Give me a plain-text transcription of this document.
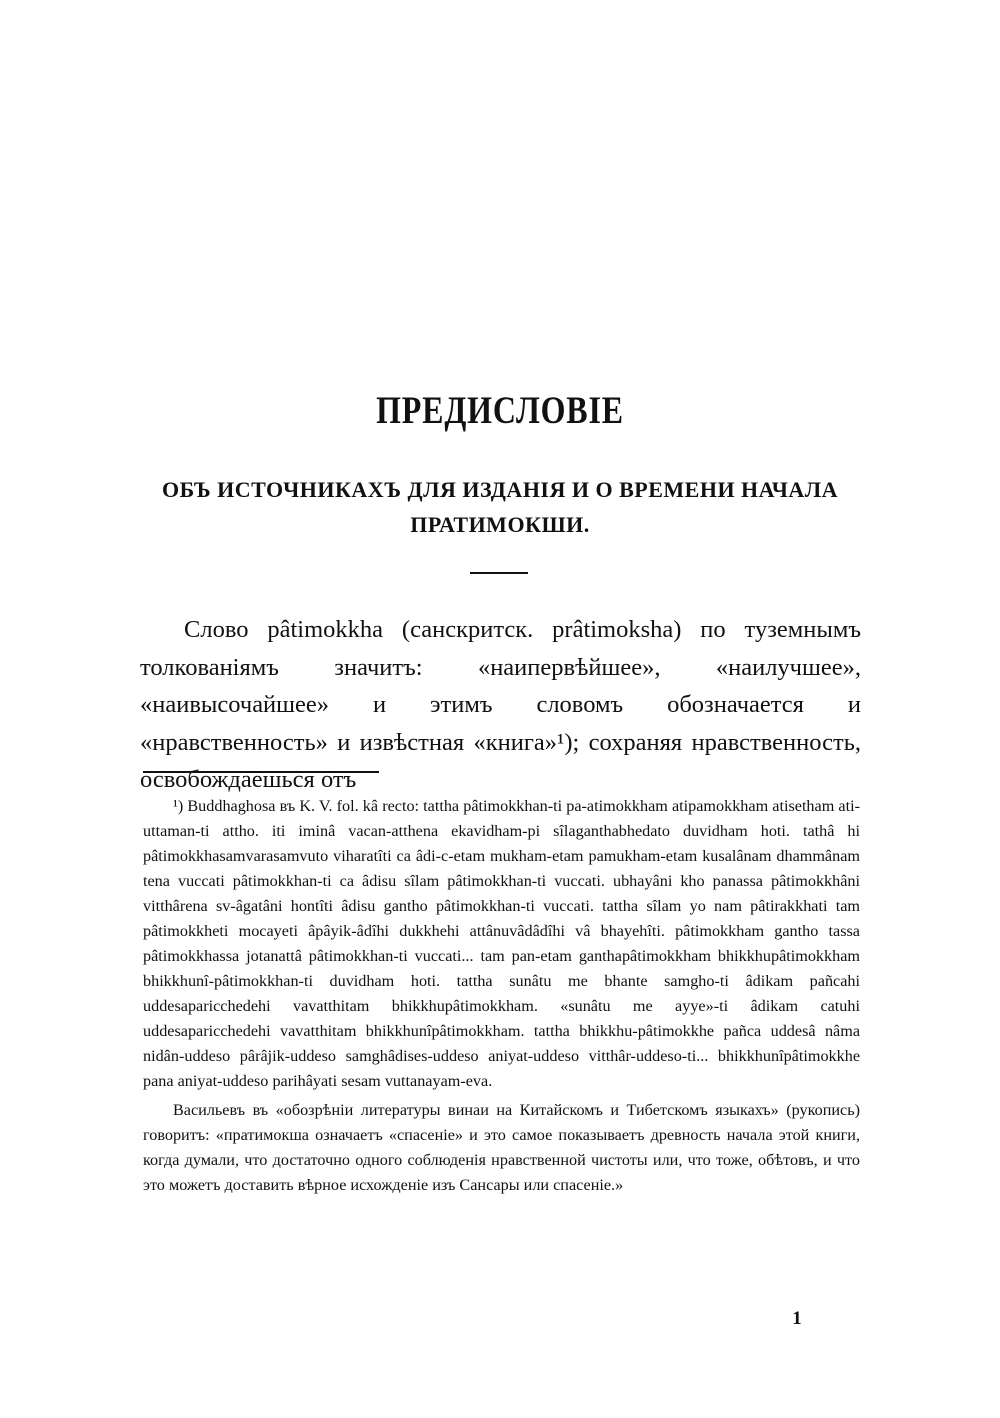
ПРЕДИСЛОВІЕ

ОБЪ ИСТОЧНИКАХЪ ДЛЯ ИЗДАНІЯ И О ВРЕМЕНИ НАЧАЛА ПРАТИМОКШИ.

Слово pâtimokkha (санскритск. prâtimoksha) по туземнымъ толкованіямъ значитъ: «наипервѣйшее», «наилучшее», «наивысочайшее» и этимъ словомъ обозначается и «нравственность» и извѣстная «книга»¹); сохраняя нравственность, освобождаешься отъ

¹) Buddhaghosa въ K. V. fol. kâ recto: tattha pâtimokkhan-ti pa-atimokkham atipamokkham atisetham ati-uttaman-ti attho. iti iminâ vacan-atthena ekavidham-pi sîlaganthabhedato duvidham hoti. tathâ hi pâtimokkhasamvarasamvuto viharatîti ca âdi-c-etam mukham-etam pamukham-etam kusalânam dhammânam tena vuccati pâtimokkhan-ti ca âdisu sîlam pâtimokkhan-ti vuccati. ubhayâni kho panassa pâtimokkhâni vitthârena sv-âgatâni hontîti âdisu gantho pâtimokkhan-ti vuccati. tattha sîlam yo nam pâtirakkhati tam pâtimokkheti mocayeti âpâyik-âdîhi dukkhehi attânuvâdâdîhi vâ bhayehîti. pâtimokkham gantho tassa pâtimokkhassa jotanattâ pâtimokkhan-ti vuccati... tam pan-etam ganthapâtimokkham bhikkhupâtimokkham bhikkhunî-pâtimokkhan-ti duvidham hoti. tattha sunâtu me bhante samgho-ti âdikam pañcahi uddesaparicchedehi vavatthitam bhikkhupâtimokkham. «sunâtu me ayye»-ti âdikam catuhi uddesaparicchedehi vavatthitam bhikkhunîpâtimokkham. tattha bhikkhu-pâtimokkhe pañca uddesâ nâma nidân-uddeso pârâjik-uddeso samghâdises-uddeso aniyat-uddeso vitthâr-uddeso-ti... bhikkhunîpâtimokkhe pana aniyat-uddeso parihâyati sesam vuttanayam-eva.

Васильевъ въ «обозрѣніи литературы винаи на Китайскомъ и Тибетскомъ языкахъ» (рукопись) говоритъ: «пратимокша означаетъ «спасеніе» и это самое показываетъ древность начала этой книги, когда думали, что достаточно одного соблюденія нравственной чистоты или, что тоже, обѣтовъ, и что это можетъ доставить вѣрное исхожденіе изъ Сансары или спасеніе.»

1
